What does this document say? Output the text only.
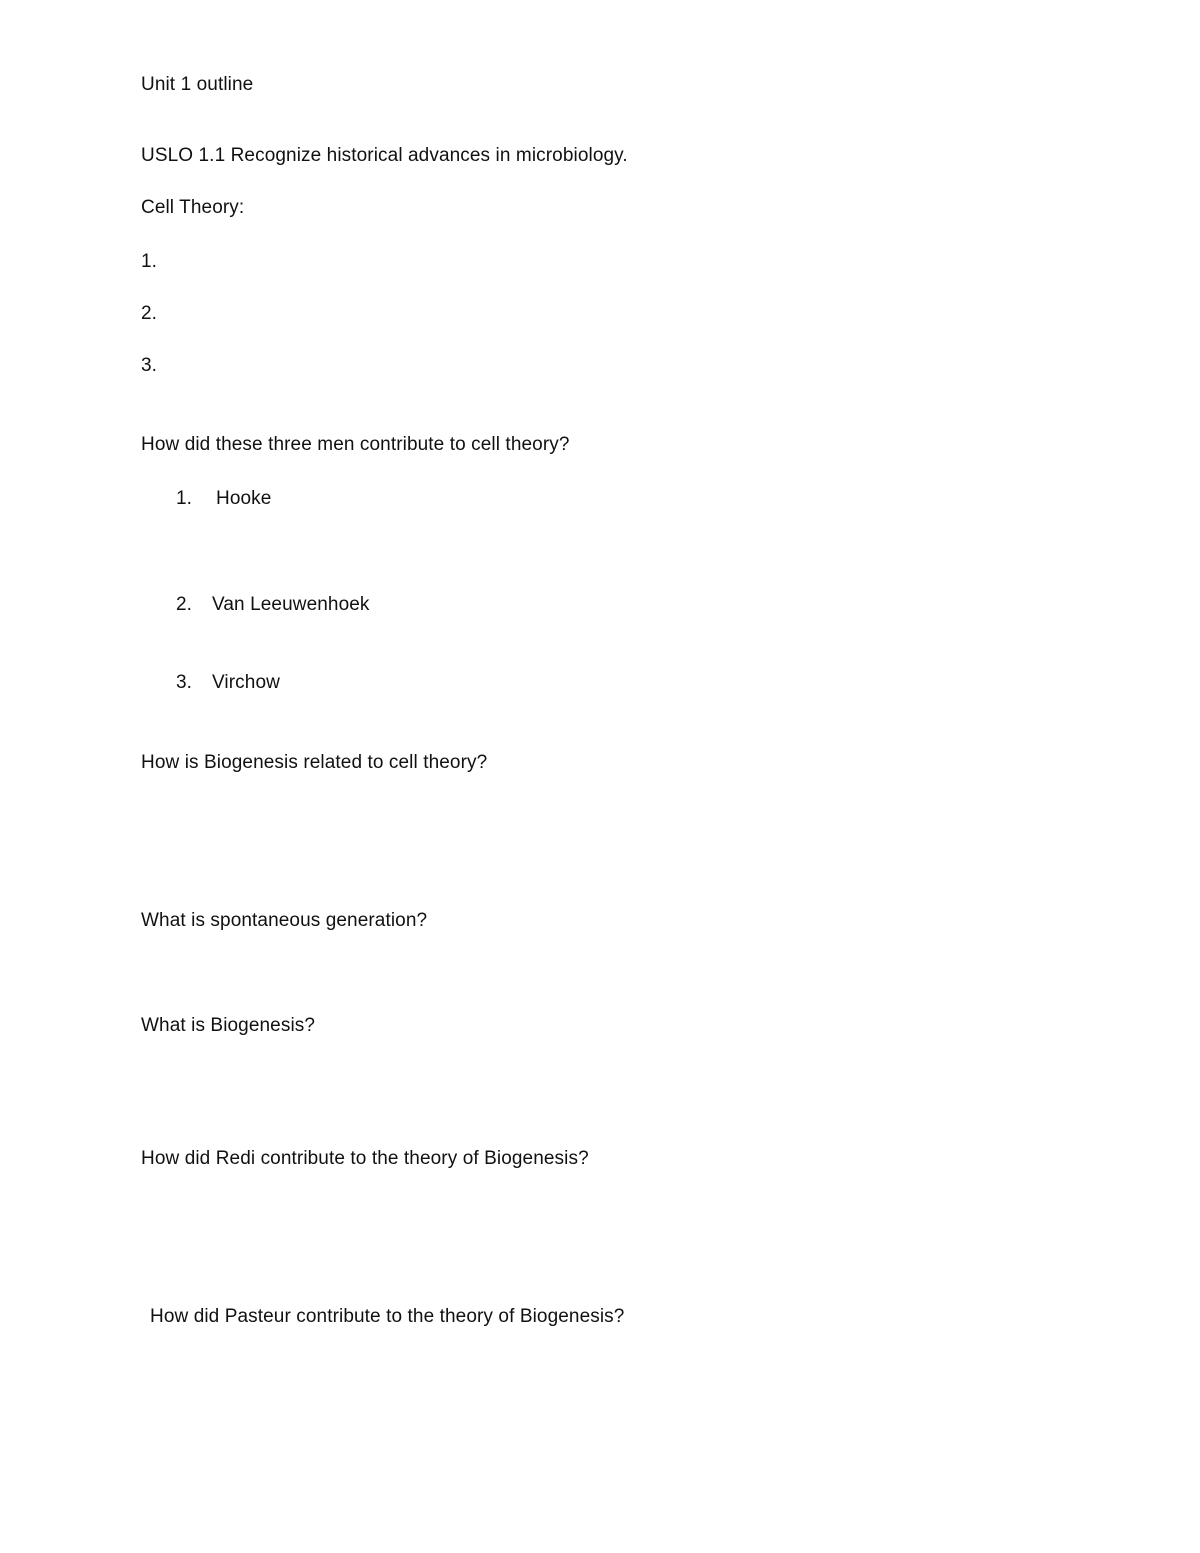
Unit 1 outline
USLO 1.1 Recognize historical advances in microbiology.
Cell Theory:
1.
2.
3.
How did these three men contribute to cell theory?
1. Hooke
2. Van Leeuwenhoek
3. Virchow
How is Biogenesis related to cell theory?
What is spontaneous generation?
What is Biogenesis?
How did Redi contribute to the theory of Biogenesis?
How did Pasteur contribute to the theory of Biogenesis?
